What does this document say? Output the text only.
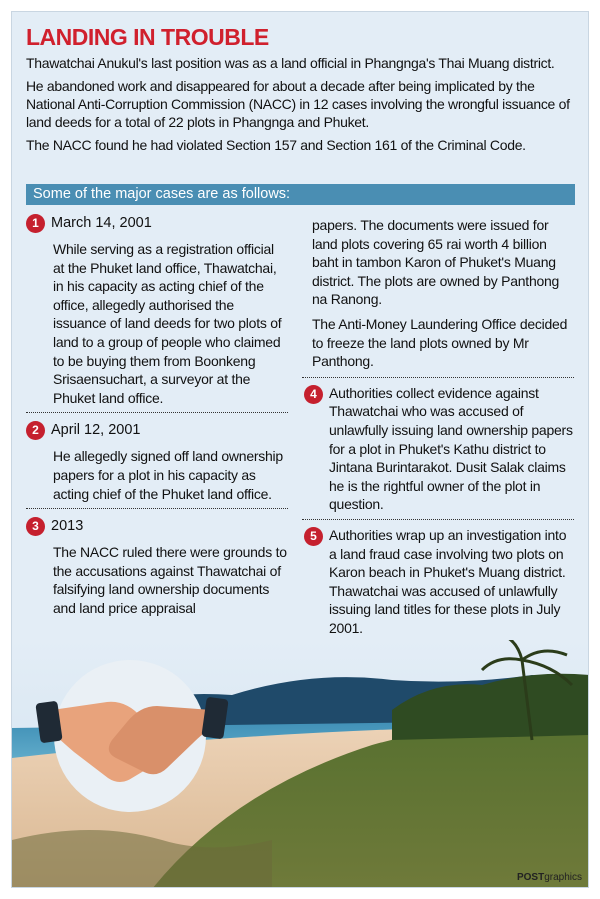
LANDING IN TROUBLE

Thawatchai Anukul's last position was as a land official in Phangnga's Thai Muang district.

He abandoned work and disappeared for about a decade after being implicated by the National Anti-Corruption Commission (NACC) in 12 cases involving the wrongful issuance of land deeds for a total of 22 plots in Phangnga and Phuket.

The NACC found he had violated Section 157 and Section 161 of the Criminal Code.

Some of the major cases are as follows:
1 March 14, 2001
While serving as a registration official at the Phuket land office, Thawatchai, in his capacity as acting chief of the office, allegedly authorised the issuance of land deeds for two plots of land to a group of people who claimed to be buying them from Boonkeng Srisaensuchart, a surveyor at the Phuket land office.
2 April 12, 2001
He allegedly signed off land ownership papers for a plot in his capacity as acting chief of the Phuket land office.
3 2013
The NACC ruled there were grounds to the accusations against Thawatchai of falsifying land ownership documents and land price appraisal

papers. The documents were issued for land plots covering 65 rai worth 4 billion baht in tambon Karon of Phuket's Muang district. The plots are owned by Panthong na Ranong.

The Anti-Money Laundering Office decided to freeze the land plots owned by Mr Panthong.

4 Authorities collect evidence against Thawatchai who was accused of unlawfully issuing land ownership papers for a plot in Phuket's Kathu district to Jintana Burintarakot. Dusit Salak claims he is the rightful owner of the plot in question.
5 Authorities wrap up an investigation into a land fraud case involving two plots on Karon beach in Phuket's Muang district. Thawatchai was accused of unlawfully issuing land titles for these plots in July 2001.
POSTgraphics
